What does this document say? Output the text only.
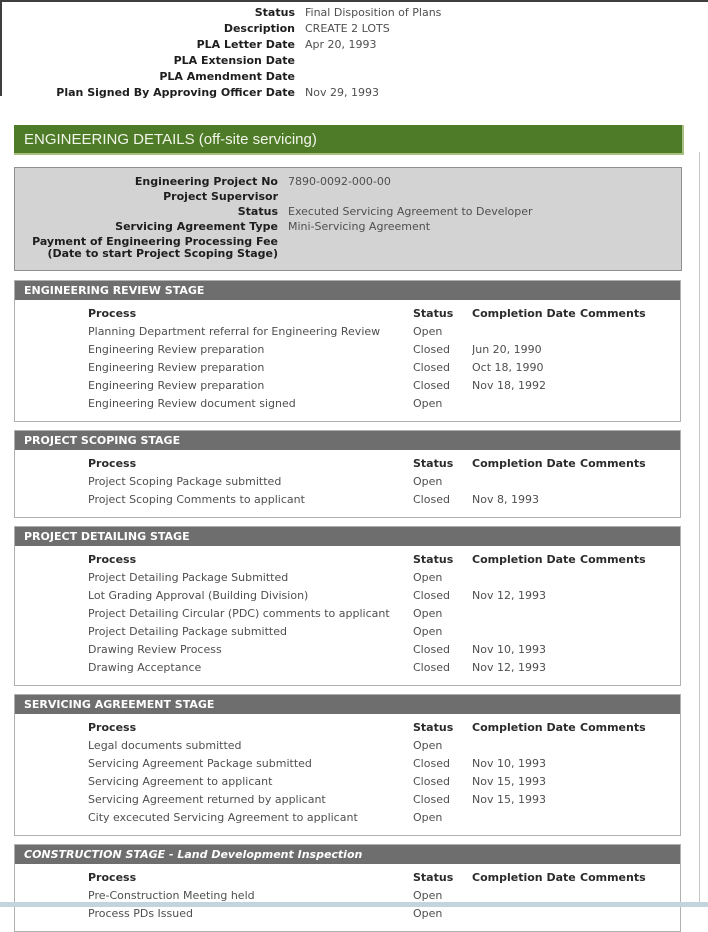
Status Final Disposition of Plans
Description CREATE 2 LOTS
PLA Letter Date Apr 20, 1993
PLA Extension Date
PLA Amendment Date
Plan Signed By Approving Officer Date Nov 29, 1993
ENGINEERING DETAILS (off-site servicing)
Engineering Project No 7890-0092-000-00
Project Supervisor
Status Executed Servicing Agreement to Developer
Servicing Agreement Type Mini-Servicing Agreement
Payment of Engineering Processing Fee
(Date to start Project Scoping Stage)
ENGINEERING REVIEW STAGE
Process	Status	Completion Date Comments
Planning Department referral for Engineering Review	Open
Engineering Review preparation	Closed	Jun 20, 1990
Engineering Review preparation	Closed	Oct 18, 1990
Engineering Review preparation	Closed	Nov 18, 1992
Engineering Review document signed	Open
PROJECT SCOPING STAGE
Process	Status	Completion Date Comments
Project Scoping Package submitted	Open
Project Scoping Comments to applicant	Closed	Nov 8, 1993
PROJECT DETAILING STAGE
Process	Status	Completion Date Comments
Project Detailing Package Submitted	Open
Lot Grading Approval (Building Division)	Closed	Nov 12, 1993
Project Detailing Circular (PDC) comments to applicant	Open
Project Detailing Package submitted	Open
Drawing Review Process	Closed	Nov 10, 1993
Drawing Acceptance	Closed	Nov 12, 1993
SERVICING AGREEMENT STAGE
Process	Status	Completion Date Comments
Legal documents submitted	Open
Servicing Agreement Package submitted	Closed	Nov 10, 1993
Servicing Agreement to applicant	Closed	Nov 15, 1993
Servicing Agreement returned by applicant	Closed	Nov 15, 1993
City excecuted Servicing Agreement to applicant	Open
CONSTRUCTION STAGE - Land Development Inspection
Process	Status	Completion Date Comments
Pre-Construction Meeting held	Open
Process PDs Issued	Open
